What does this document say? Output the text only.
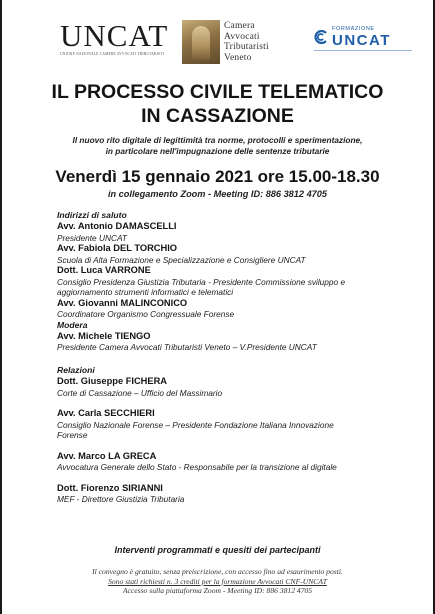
UNCAT
UNIONE NAZIONALE CAMERE AVVOCATI TRIBUTARISTI
Camera
Avvocati
Tributaristi
Veneto
FORMAZIONE
UNCAT
IL PROCESSO CIVILE TELEMATICO
IN CASSAZIONE
Il nuovo rito digitale di legittimità tra norme, protocolli e sperimentazione,
in particolare nell'impugnazione delle sentenze tributarie
Venerdì 15 gennaio 2021 ore 15.00-18.30
in collegamento Zoom - Meeting ID: 886 3812 4705
Indirizzi di saluto
Avv. Antonio DAMASCELLI
Presidente UNCAT
Avv. Fabiola DEL TORCHIO
Scuola di Alta Formazione e Specializzazione e Consigliere UNCAT
Dott. Luca VARRONE
Consiglio Presidenza Giustizia Tributaria - Presidente Commissione sviluppo e
aggiornamento strumenti informatici e telematici
Avv. Giovanni MALINCONICO
Coordinatore Organismo Congressuale Forense
Modera
Avv. Michele TIENGO
Presidente Camera Avvocati Tributaristi Veneto – V.Presidente UNCAT
Relazioni
Dott. Giuseppe FICHERA
Corte di Cassazione – Ufficio del Massimario
Avv. Carla SECCHIERI
Consiglio Nazionale Forense – Presidente Fondazione Italiana Innovazione
Forense
Avv. Marco LA GRECA
Avvocatura Generale dello Stato - Responsabile per la transizione al digitale
Dott. Fiorenzo SIRIANNI
MEF - Direttore Giustizia Tributaria
Interventi programmati e quesiti dei partecipanti
Il convegno è gratuito, senza preiscrizione, con accesso fino ad esaurimento posti.
Sono stati richiesti n. 3 crediti per la formazione Avvocati CNF-UNCAT
Accesso sulla piattaforma Zoom - Meeting ID: 886 3812 4705
